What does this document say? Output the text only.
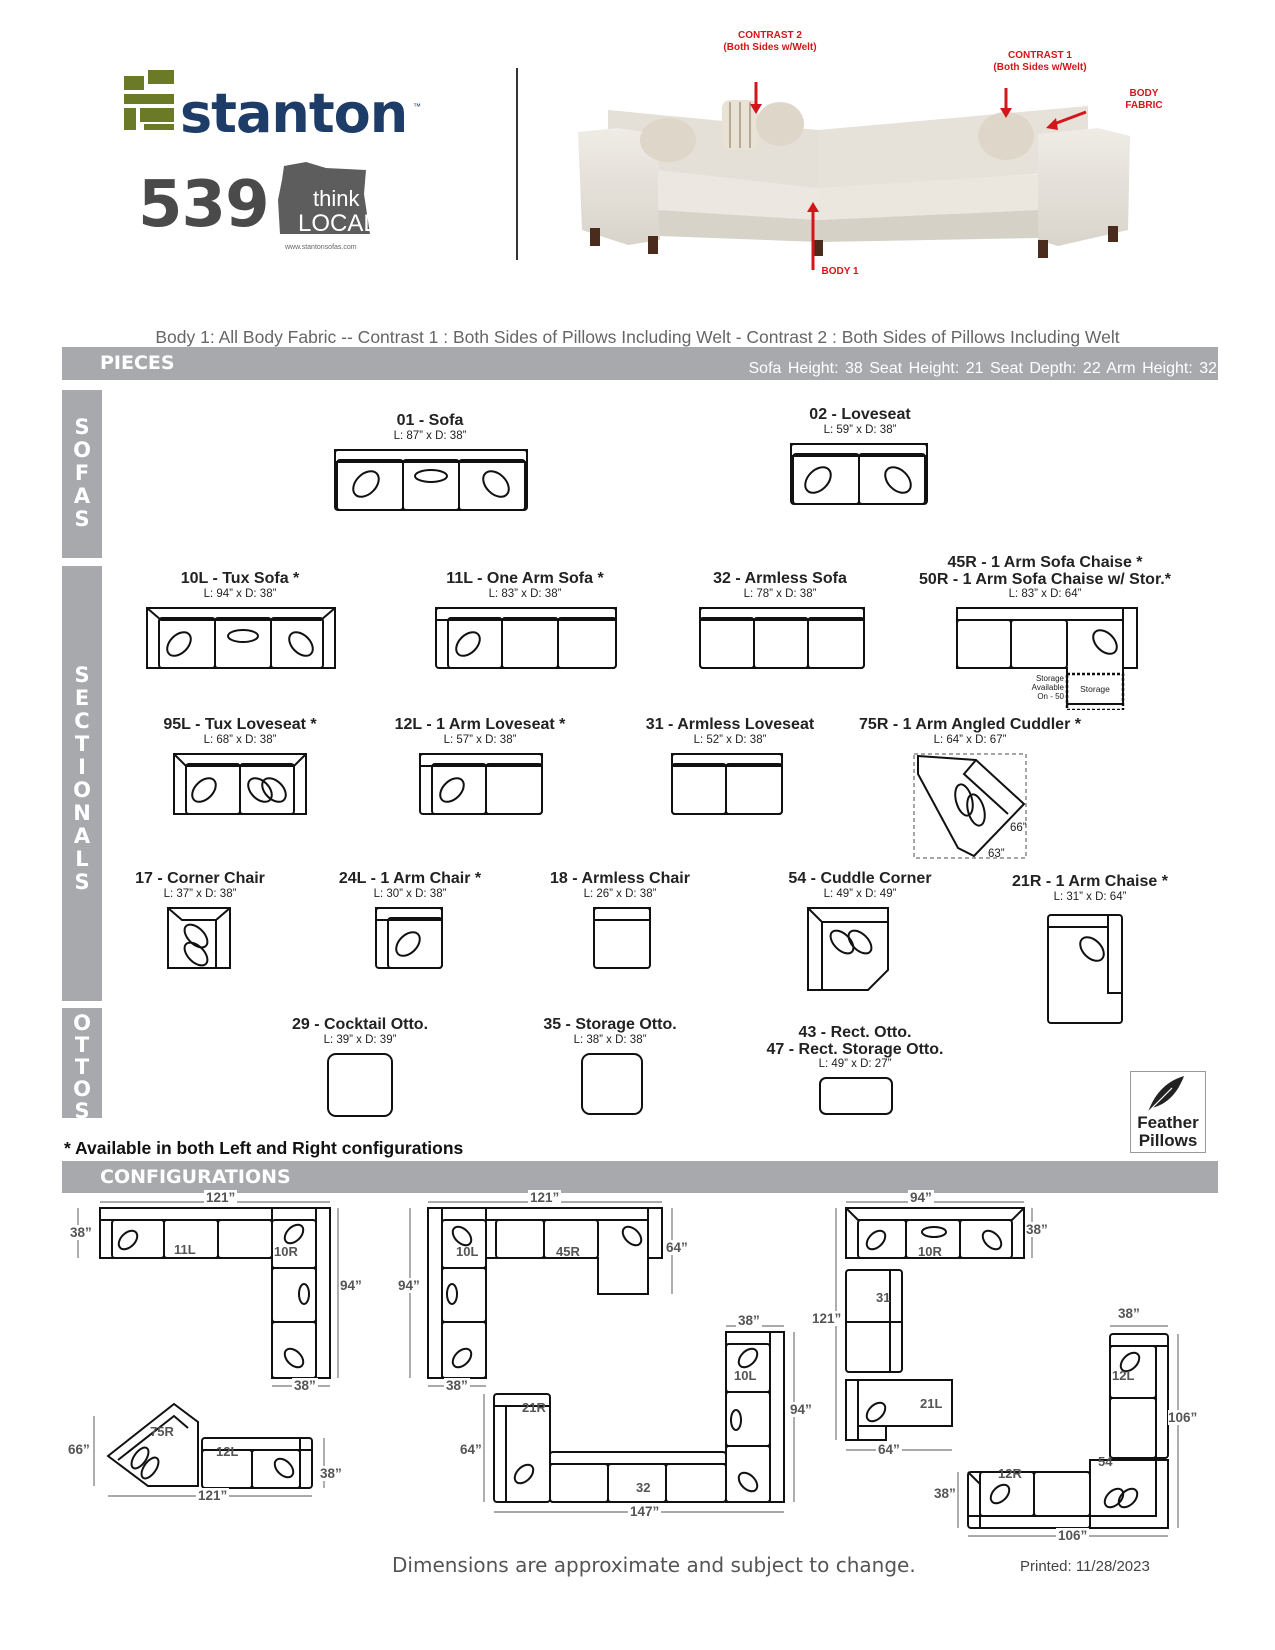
stanton ™
539 think
LOCAL
www.stantonsofas.com
CONTRAST 2
(Both Sides w/Welt)
CONTRAST 1
(Both Sides w/Welt)
BODY
FABRIC
BODY 1
Body 1: All Body Fabric -- Contrast 1 : Both Sides of Pillows Including Welt - Contrast 2 : Both Sides of Pillows Including Welt
PIECES	Sofa Height: 38 Seat Height: 21 Seat Depth: 22 Arm Height: 32
S
O
F
A
S
S
E
C
T
I
O
N
A
L
S
O
T
T
O
S
01 - Sofa
L: 87” x D: 38”
02 - Loveseat
L: 59” x D: 38”
10L - Tux Sofa *
L: 94” x D: 38”
11L - One Arm Sofa *
L: 83” x D: 38”
32 - Armless Sofa
L: 78” x D: 38”
45R - 1 Arm Sofa Chaise *
50R - 1 Arm Sofa Chaise w/ Stor.*
L: 83” x D: 64”
Storage
Available
On - 50
Storage
95L - Tux Loveseat *
L: 68” x D: 38”
12L - 1 Arm Loveseat *
L: 57” x D: 38”
31 - Armless Loveseat
L: 52” x D: 38”
75R - 1 Arm Angled Cuddler *
L: 64” x D: 67”
66”
63”
17 - Corner Chair
L: 37” x D: 38”
24L - 1 Arm Chair *
L: 30” x D: 38”
18 - Armless Chair
L: 26” x D: 38”
54 - Cuddle Corner
L: 49” x D: 49”
21R - 1 Arm Chaise *
L: 31” x D: 64”
29 - Cocktail Otto.
L: 39” x D: 39”
35 - Storage Otto.
L: 38” x D: 38”	43 - Rect. Otto.
47 - Rect. Storage Otto.
L: 49” x D: 27”
Feather
Pillows
* Available in both Left and Right configurations
CONFIGURATIONS
121”
38”
94”
38”
11L	10R
121”
94”
64”
38”
10L	45R
94”
38”
121”
64”
10R
31
21L
66”
38”
121”
75R
12L
38”
94”
64”
147”
10L
21R
32
38”
106”
38”
106”
12L
54
12R
Dimensions are approximate and subject to change.	Printed: 11/28/2023
